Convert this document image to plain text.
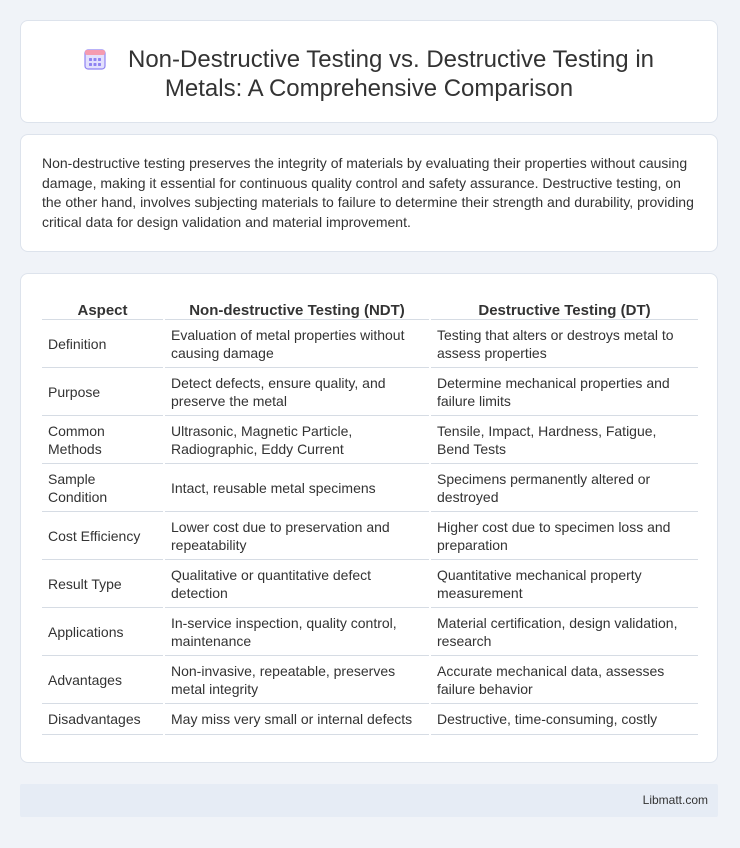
Non-Destructive Testing vs. Destructive Testing in
Metals: A Comprehensive Comparison
Non-destructive testing preserves the integrity of materials by evaluating their properties without causing damage, making it essential for continuous quality control and safety assurance. Destructive testing, on the other hand, involves subjecting materials to failure to determine their strength and durability, providing critical data for design validation and material improvement.
Aspect	Non-destructive Testing (NDT)	Destructive Testing (DT)
Definition	Evaluation of metal properties without causing damage	Testing that alters or destroys metal to assess properties
Purpose	Detect defects, ensure quality, and preserve the metal	Determine mechanical properties and failure limits
Common Methods	Ultrasonic, Magnetic Particle, Radiographic, Eddy Current	Tensile, Impact, Hardness, Fatigue, Bend Tests
Sample Condition	Intact, reusable metal specimens	Specimens permanently altered or destroyed
Cost Efficiency	Lower cost due to preservation and repeatability	Higher cost due to specimen loss and preparation
Result Type	Qualitative or quantitative defect detection	Quantitative mechanical property measurement
Applications	In-service inspection, quality control, maintenance	Material certification, design validation, research
Advantages	Non-invasive, repeatable, preserves metal integrity	Accurate mechanical data, assesses failure behavior
Disadvantages	May miss very small or internal defects	Destructive, time-consuming, costly
Libmatt.com
